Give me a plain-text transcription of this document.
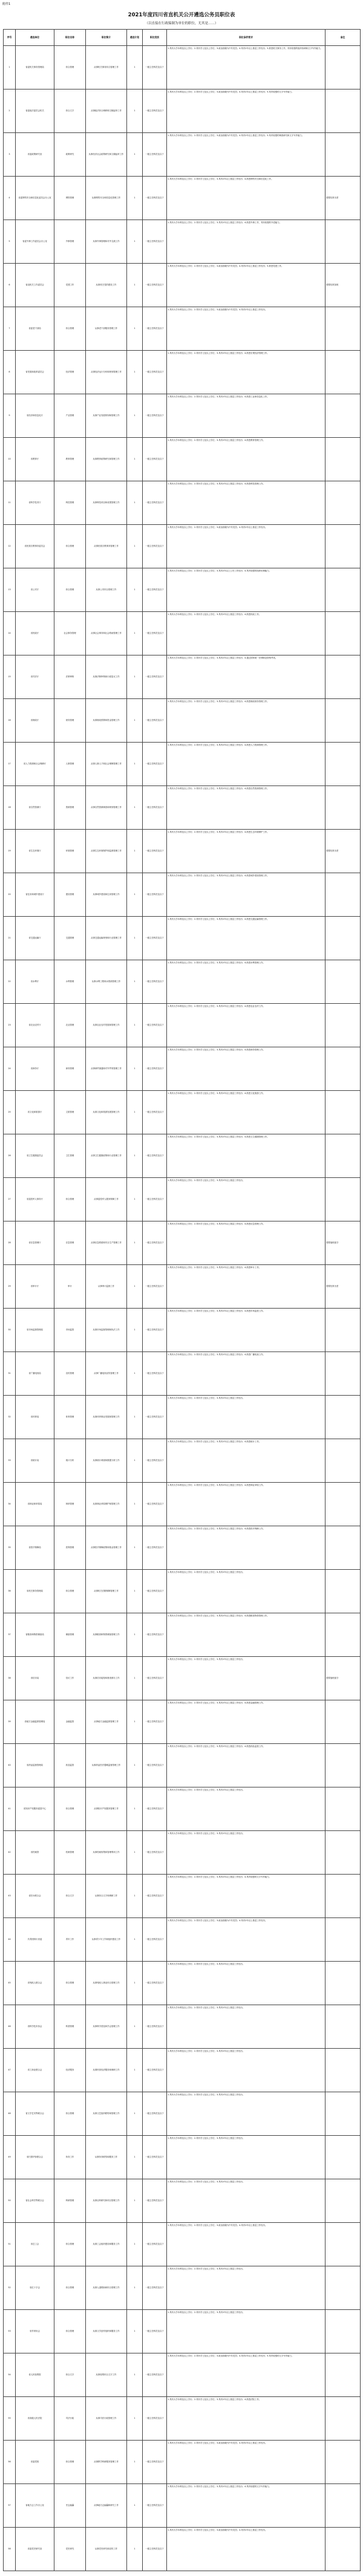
附件1
2021年度四川省直机关公开遴选公务员职位表
（以直接在行政编制为单位的职位，尤其是……）
序号	遴选单位	职位名称	职位简介	遴选计划	职位类别	职位条件要求	备注
1	省委机关事务管理局	综合管理	从事机关事务综合管理工作	1	一级主任科员及以下	1.具有大学本科及以上学历；2.具有学士及以上学位；3.政治面貌为中共党员；4.具有2年以上基层工作经历；5.熟悉机关事务工作，具有较强的组织协调和文字写作能力。	
2	省委政法委员会机关	综合文字	从事政法综合调研和文稿起草工作	1	一级主任科员及以下	1.具有大学本科及以上学历；2.具有学士及以上学位；3.政治面貌为中共党员；4.具有2年以上基层工作经历；5.具有较强的文字写作能力。	
3	省委政策研究室	政策研究	从事经济社会政策研究和文稿起草工作	1	一级主任科员及以下	1.具有大学本科及以上学历；2.具有学士及以上学位；3.政治面貌为中共党员；4.具有2年以上基层工作经历；5.具有较强的调查研究和文字写作能力。	
4	省委网络安全和信息化委员会办公室	网络管理	从事网络安全和信息化管理工作	1	一级主任科员及以下	1.具有大学本科及以上学历；2.具有学士及以上学位；3.具有2年以上基层工作经历；4.熟悉网络安全和信息化工作。	需要经常出差
5	省委外事工作委员会办公室	外事管理	从事外事管理和对外交流工作	1	一级主任科员及以下	1.具有大学本科及以上学历；2.具有学士及以上学位；3.具有2年以上基层工作经历；4.熟悉外事工作，具有较强的外语能力。	
6	省直机关工作委员会	党建工作	从事机关党的建设工作	1	一级主任科员及以下	1.具有大学本科及以上学历；2.具有学士及以上学位；3.政治面貌为中共党员；4.具有2年以上基层工作经历；5.熟悉党建工作。	需要经常加班
7	省委老干部局	综合管理	从事老干部服务管理工作	1	一级主任科员及以下	1.具有大学本科及以上学历；2.具有学士及以上学位；3.政治面貌为中共党员；4.具有2年以上基层工作经历。	
8	省发展和改革委员会	经济管理	从事经济运行分析和规划管理工作	1	一级主任科员及以下	1.具有大学本科及以上学历；2.具有学士及以上学位；3.具有2年以上基层工作经历；4.熟悉宏观经济管理工作。	
9	省经济和信息化厅	产业管理	从事产业发展规划和管理工作	1	一级主任科员及以下	1.具有大学本科及以上学历；2.具有学士及以上学位；3.具有2年以上基层工作经历；4.熟悉工业和信息化工作。	
10	省教育厅	教育管理	从事教育政策研究和管理工作	1	一级主任科员及以下	1.具有大学本科及以上学历；2.具有学士及以上学位；3.具有2年以上基层工作经历；4.熟悉教育管理工作。	
11	省科学技术厅	科技管理	从事科技项目和成果管理工作	1	一级主任科员及以下	1.具有大学本科及以上学历；2.具有学士及以上学位；3.具有2年以上基层工作经历；4.熟悉科技管理工作。	
12	省民族宗教事务委员会	综合管理	从事民族宗教事务管理工作	1	一级主任科员及以下	1.具有大学本科及以上学历；2.具有学士及以上学位；3.政治面貌为中共党员；4.具有2年以上基层工作经历。	
13	省公安厅	综合管理	从事公安综合管理工作	1	一级主任科员及以下	1.具有大学本科及以上学历；2.具有学士及以上学位；3.具有2年以上公安工作经历；4.具有较强的组织协调能力。	
14	省民政厅	社会事务管理	从事社会事务和社会救助管理工作	1	一级主任科员及以下	1.具有大学本科及以上学历；2.具有学士及以上学位；3.具有2年以上基层工作经历；4.熟悉民政工作。	
15	省司法厅	法制审核	从事法制审核和行政复议工作	1	一级主任科员及以下	1.具有大学本科及以上学历；2.具有学士及以上学位；3.具有2年以上基层工作经历；4.通过国家统一法律职业资格考试。	
16	省财政厅	财务管理	从事财政预算和资金管理工作	1	一级主任科员及以下	1.具有大学本科及以上学历；2.具有学士及以上学位；3.具有2年以上基层工作经历；4.熟悉财政财务管理工作。	
17	省人力资源和社会保障厅	人事管理	从事人事人才和社会保障管理工作	1	一级主任科员及以下	1.具有大学本科及以上学历；2.具有学士及以上学位；3.具有2年以上基层工作经历；4.熟悉人力资源管理工作。	
18	省自然资源厅	资源管理	从事自然资源调查和规划管理工作	1	一级主任科员及以下	1.具有大学本科及以上学历；2.具有学士及以上学位；3.具有2年以上基层工作经历；4.熟悉自然资源管理工作。	
19	省生态环境厅	环境管理	从事生态环境保护和监督管理工作	1	一级主任科员及以下	1.具有大学本科及以上学历；2.具有学士及以上学位；3.具有2年以上基层工作经历；4.熟悉生态环境保护工作。	需要经常出差
20	省住房和城乡建设厅	建设管理	从事城乡建设和住房管理工作	1	一级主任科员及以下	1.具有大学本科及以上学历；2.具有学士及以上学位；3.具有2年以上基层工作经历；4.熟悉城乡建设管理工作。	
21	省交通运输厅	交通管理	从事交通运输规划和行业管理工作	1	一级主任科员及以下	1.具有大学本科及以上学历；2.具有学士及以上学位；3.具有2年以上基层工作经历；4.熟悉交通运输管理工作。	
22	省水利厅	水利管理	从事水利工程和水资源管理工作	1	一级主任科员及以下	1.具有大学本科及以上学历；2.具有学士及以上学位；3.具有2年以上基层工作经历；4.熟悉水利管理工作。	
23	省农业农村厅	农业管理	从事农业农村发展和管理工作	1	一级主任科员及以下	1.具有大学本科及以上学历；2.具有学士及以上学位；3.具有2年以上基层工作经历；4.熟悉农业农村工作。	
24	省商务厅	商务管理	从事商贸流通和对外贸易管理工作	1	一级主任科员及以下	1.具有大学本科及以上学历；2.具有学士及以上学位；3.具有2年以上基层工作经历；4.熟悉商务管理工作。	
25	省文化和旅游厅	文旅管理	从事文化和旅游发展管理工作	1	一级主任科员及以下	1.具有大学本科及以上学历；2.具有学士及以上学位；3.具有2年以上基层工作经历；4.熟悉文化旅游工作。	
26	省卫生健康委员会	卫生管理	从事卫生健康政策和行业管理工作	1	一级主任科员及以下	1.具有大学本科及以上学历；2.具有学士及以上学位；3.具有2年以上基层工作经历；4.熟悉卫生健康管理工作。	
27	省退役军人事务厅	综合管理	从事退役军人服务保障工作	1	一级主任科员及以下	1.具有大学本科及以上学历；2.具有学士及以上学位；3.具有2年以上基层工作经历。	
28	省应急管理厅	应急管理	从事应急救援和安全生产管理工作	1	一级主任科员及以下	1.具有大学本科及以上学历；2.具有学士及以上学位；3.具有2年以上基层工作经历；4.熟悉应急管理工作。	需要值班值守
29	省审计厅	审计	从事审计监督工作	1	一级主任科员及以下	1.具有大学本科及以上学历；2.具有学士及以上学位；3.具有2年以上基层工作经历；4.熟悉审计工作。	需要经常出差
30	省市场监督管理局	市场监管	从事市场监督管理和执法工作	1	一级主任科员及以下	1.具有大学本科及以上学历；2.具有学士及以上学位；3.具有2年以上基层工作经历；4.熟悉市场监管工作。	
31	省广播电视局	宣传管理	从事广播电视宣传管理工作	1	一级主任科员及以下	1.具有大学本科及以上学历；2.具有学士及以上学位；3.具有2年以上基层工作经历；4.熟悉广播电视工作。	
32	省体育局	体育管理	从事体育事业发展和管理工作	1	一级主任科员及以下	1.具有大学本科及以上学历；2.具有学士及以上学位；3.具有2年以上基层工作经历。	
33	省统计局	统计分析	从事统计调查和数据分析工作	1	一级主任科员及以下	1.具有大学本科及以上学历；2.具有学士及以上学位；3.具有2年以上基层工作经历；4.熟悉统计工作。	
34	省林业和草原局	林草管理	从事林业草原保护和管理工作	1	一级主任科员及以下	1.具有大学本科及以上学历；2.具有学士及以上学位；3.具有2年以上基层工作经历；4.熟悉林业草原工作。	
35	省医疗保障局	医保管理	从事医疗保障政策和基金管理工作	1	一级主任科员及以下	1.具有大学本科及以上学历；2.具有学士及以上学位；3.具有2年以上基层工作经历；4.熟悉医疗保障工作。	
36	省机关事务管理局	综合管理	从事机关后勤保障管理工作	1	一级主任科员及以下	1.具有大学本科及以上学历；2.具有学士及以上学位；3.具有2年以上基层工作经历。	
37	省粮食和物资储备局	储备管理	从事粮食和物资储备管理工作	1	一级主任科员及以下	1.具有大学本科及以上学历；2.具有学士及以上学位；3.具有2年以上基层工作经历；4.熟悉粮食物资管理工作。	
38	省信访局	信访工作	从事信访接待和督查督办工作	1	一级主任科员及以下	1.具有大学本科及以上学历；2.具有学士及以上学位；3.具有2年以上基层工作经历。	需要值班值守
39	省地方金融监督管理局	金融监管	从事地方金融监督管理工作	1	一级主任科员及以下	1.具有大学本科及以上学历；2.具有学士及以上学位；3.具有2年以上基层工作经历；4.熟悉金融管理工作。	
40	省药品监督管理局	药品监管	从事药品医疗器械监督管理工作	1	一级主任科员及以下	1.具有大学本科及以上学历；2.具有学士及以上学位；3.具有2年以上基层工作经历；4.熟悉药品监管工作。	
41	省知识产权服务促进中心	综合管理	从事知识产权服务管理工作	1	一级主任科员及以下	1.具有大学本科及以上学历；2.具有学士及以上学位；3.具有2年以上基层工作经历。	
42	省档案馆	档案管理	从事档案收集和管理利用工作	1	一级主任科员及以下	1.具有大学本科及以上学历；2.具有学士及以上学位；3.具有2年以上基层工作经历。	
43	省妇女联合会	综合文字	从事综合文字和调研工作	1	一级主任科员及以下	1.具有大学本科及以上学历；2.具有学士及以上学位；3.具有2年以上基层工作经历；4.具有较强的文字写作能力。	
44	共青团四川省委	青年工作	从事青少年工作和组织建设工作	1	一级主任科员及以下	1.具有大学本科及以上学历；2.具有学士及以上学位；3.政治面貌为中共党员；4.具有2年以上基层工作经历。	
45	省残疾人联合会	综合管理	从事残疾人事业综合管理工作	1	一级主任科员及以下	1.具有大学本科及以上学历；2.具有学士及以上学位；3.具有2年以上基层工作经历。	
46	省科学技术协会	科普管理	从事科学普及和学会管理工作	1	一级主任科员及以下	1.具有大学本科及以上学历；2.具有学士及以上学位；3.具有2年以上基层工作经历。	
47	省工商业联合会	经济服务	从事民营经济服务和调研工作	1	一级主任科员及以下	1.具有大学本科及以上学历；2.具有学士及以上学位；3.具有2年以上基层工作经历。	
48	省文学艺术界联合会	综合管理	从事文艺组织联络和管理工作	1	一级主任科员及以下	1.具有大学本科及以上学历；2.具有学士及以上学位；3.具有2年以上基层工作经历。	
49	省归国华侨联合会	侨务工作	从事侨务联络和服务工作	1	一级主任科员及以下	1.具有大学本科及以上学历；2.具有学士及以上学位；3.具有2年以上基层工作经历。	
50	省社会科学界联合会	科研管理	从事社科研究和项目管理工作	1	一级主任科员及以下	1.具有大学本科及以上学历；2.具有学士及以上学位；3.具有2年以上基层工作经历。	
51	省总工会	综合管理	从事工会组织建设和服务工作	1	一级主任科员及以下	1.具有大学本科及以上学历；2.具有学士及以上学位；3.政治面貌为中共党员；4.具有2年以上基层工作经历。	
52	省红十字会	综合管理	从事人道救助和综合管理工作	1	一级主任科员及以下	1.具有大学本科及以上学历；2.具有学士及以上学位；3.具有2年以上基层工作经历。	
53	省作家协会	综合管理	从事文学创作组织和服务工作	1	一级主任科员及以下	1.具有大学本科及以上学历；2.具有学士及以上学位；3.具有2年以上基层工作经历。	
54	省人民检察院	综合文字	从事检察综合文字工作	1	一级主任科员及以下	1.具有大学本科及以上学历；2.具有学士及以上学位；3.政治面貌为中共党员；4.具有2年以上基层工作经历；5.具有较强的文字写作能力。	
55	省高级人民法院	司法行政	从事司法行政管理工作	1	一级主任科员及以下	1.具有大学本科及以上学历；2.具有学士及以上学位；3.具有2年以上基层工作经历；4.熟悉法院工作。	
56	省委党校	综合管理	从事教学科研服务管理工作	1	一级主任科员及以下	1.具有大学本科及以上学历；2.具有学士及以上学位；3.政治面貌为中共党员；4.具有2年以上基层工作经历。	
57	省地方志工作办公室	史志编纂	从事地方志编纂和研究工作	1	一级主任科员及以下	1.具有大学本科及以上学历；2.具有学士及以上学位；3.具有2年以上基层工作经历；4.具有较强的文字写作能力。	
58	省委党史研究室	党史研究	从事党史研究和宣传工作	1	一级主任科员及以下	1.具有大学本科及以上学历；2.具有学士及以上学位；3.政治面貌为中共党员；4.具有2年以上基层工作经历。	
